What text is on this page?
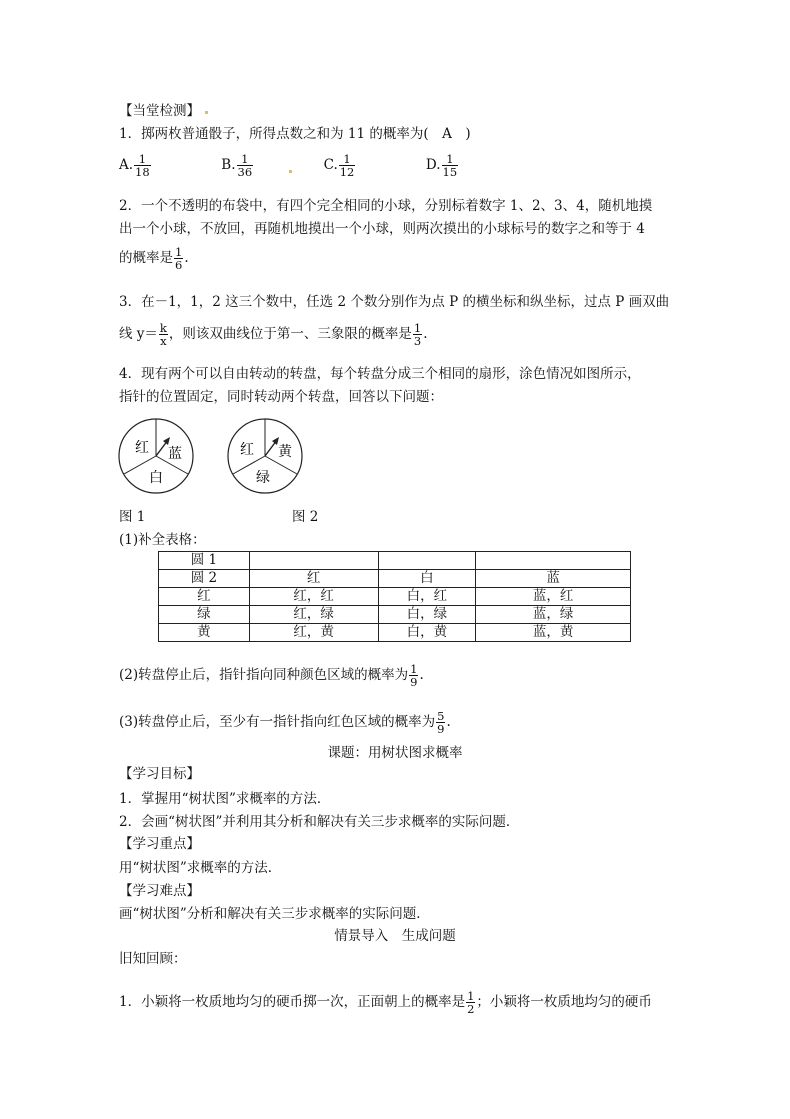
【当堂检测】
1．掷两枚普通骰子，所得点数之和为 11 的概率为(　A　)
A. $\frac{1}{18}$	B. $\frac{1}{36}$	C. $\frac{1}{12}$	D. $\frac{1}{15}$
2．一个不透明的布袋中，有四个完全相同的小球，分别标着数字 1、2、3、4，随机地摸
出一个小球，不放回，再随机地摸出一个小球，则两次摸出的小球标号的数字之和等于 4
的概率是 $\frac{1}{6}$ .
3．在－1，1，2 这三个数中，任选 2 个数分别作为点 P 的横坐标和纵坐标，过点 P 画双曲
线 $y= \frac{k}{x}$ ，则该双曲线位于第一、三象限的概率是 $\frac{1}{3}$ .
4．现有两个可以自由转动的转盘，每个转盘分成三个相同的扇形，涂色情况如图所示，
指针的位置固定，同时转动两个转盘，回答以下问题：
红 蓝
白
红 黄
绿
图 1	图 2
(1)补全表格：
圆 1			
圆 2	红	白	蓝
红	红，红	白，红	蓝，红
绿	红，绿	白，绿	蓝，绿
黄	红，黄	白，黄	蓝，黄
(2)转盘停止后，指针指向同种颜色区域的概率为 $\frac{1}{9}$ .
(3)转盘停止后，至少有一指针指向红色区域的概率为 $\frac{5}{9}$ .
课题：用树状图求概率
【学习目标】
1．掌握用“树状图”求概率的方法．
2．会画“树状图”并利用其分析和解决有关三步求概率的实际问题．
【学习重点】
用“树状图”求概率的方法．
【学习难点】
画“树状图”分析和解决有关三步求概率的实际问题．
情景导入　生成问题
旧知回顾：
1．小颖将一枚质地均匀的硬币掷一次，正面朝上的概率是 $\frac{1}{2}$ ；小颖将一枚质地均匀的硬币
